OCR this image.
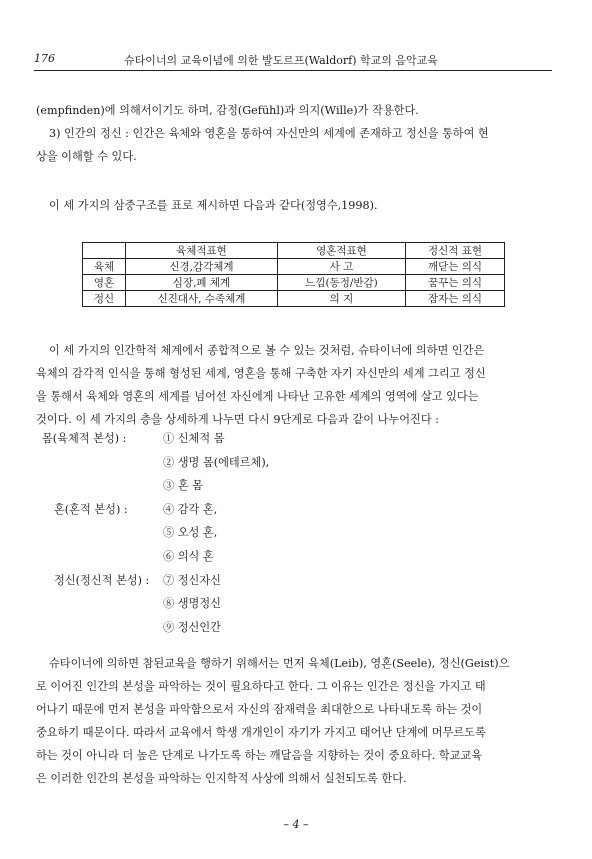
176	슈타이너의 교육이념에 의한 발도르프(Waldorf) 학교의 음악교육

(empfinden)에 의해서이기도 하며, 감정(Gefühl)과 의지(Wille)가 작용한다.

3) 인간의 정신 : 인간은 육체와 영혼을 통하여 자신만의 세계에 존재하고 정신을 통하여 현

상을 이해할 수 있다.

이 세 가지의 삼중구조를 표로 제시하면 다음과 같다(정영수,1998).

	육체적표현	영혼적표현	정신적 표현
육체	신경,감각체계	사 고	깨닫는 의식
영혼	심장,폐 체계	느낌(동정/반감)	꿈꾸는 의식
정신	신진대사, 수족체계	의 지	잠자는 의식

이 세 가지의 인간학적 체계에서 종합적으로 볼 수 있는 것처럼, 슈타이너에 의하면 인간은

육체의 감각적 인식을 통해 형성된 세계, 영혼을 통해 구축한 자기 자신만의 세계 그리고 정신

을 통해서 육체와 영혼의 세계를 넘어선 자신에게 나타난 고유한 세계의 영역에 살고 있다는

것이다. 이 세 가지의 층을 상세하게 나누면 다시 9단계로 다음과 같이 나누어진다 :

몸(육체적 본성) :	① 신체적 몸
② 생명 몸(에테르체),
③ 혼 몸
혼(혼적 본성) :	④ 감각 혼,
⑤ 오성 혼,
⑥ 의식 혼
정신(정신적 본성) : ⑦ 정신자신
⑧ 생명정신
⑨ 정신인간

슈타이너에 의하면 참된교육을 행하기 위해서는 먼저 육체(Leib), 영혼(Seele), 정신(Geist)으

로 이어진 인간의 본성을 파악하는 것이 필요하다고 한다. 그 이유는 인간은 정신을 가지고 태

어나기 때문에 먼저 본성을 파악함으로서 자신의 잠재력을 최대한으로 나타내도록 하는 것이

중요하기 때문이다. 따라서 교육에서 학생 개개인이 자기가 가지고 태어난 단계에 머무르도록

하는 것이 아니라 더 높은 단계로 나가도록 하는 깨달음을 지향하는 것이 중요하다. 학교교육

은 이러한 인간의 본성을 파악하는 인지학적 사상에 의해서 실천되도록 한다.

– 4 –
